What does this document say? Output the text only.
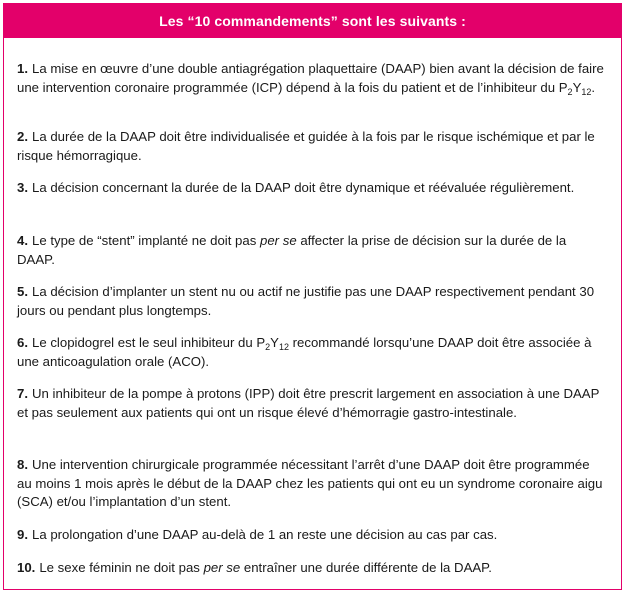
Les “10 commandements” sont les suivants :
1. La mise en œuvre d’une double antiagrégation plaquettaire (DAAP) bien avant la décision de faire une intervention coronaire programmée (ICP) dépend à la fois du patient et de l’inhibiteur du $P_2Y_{12}$.
2. La durée de la DAAP doit être individualisée et guidée à la fois par le risque ischémique et par le risque hémorragique.
3. La décision concernant la durée de la DAAP doit être dynamique et réévaluée régulièrement.
4. Le type de “stent” implanté ne doit pas per se affecter la prise de décision sur la durée de la DAAP.
5. La décision d’implanter un stent nu ou actif ne justifie pas une DAAP respectivement pendant 30 jours ou pendant plus longtemps.
6. Le clopidogrel est le seul inhibiteur du $P_2Y_{12}$ recommandé lorsqu’une DAAP doit être associée à une anticoagulation orale (ACO).
7. Un inhibiteur de la pompe à protons (IPP) doit être prescrit largement en association à une DAAP et pas seulement aux patients qui ont un risque élevé d’hémorragie gastro-intestinale.
8. Une intervention chirurgicale programmée nécessitant l’arrêt d’une DAAP doit être programmée au moins 1 mois après le début de la DAAP chez les patients qui ont eu un syndrome coronaire aigu (SCA) et/ou l’implantation d’un stent.
9. La prolongation d’une DAAP au-delà de 1 an reste une décision au cas par cas.
10. Le sexe féminin ne doit pas per se entraîner une durée différente de la DAAP.
